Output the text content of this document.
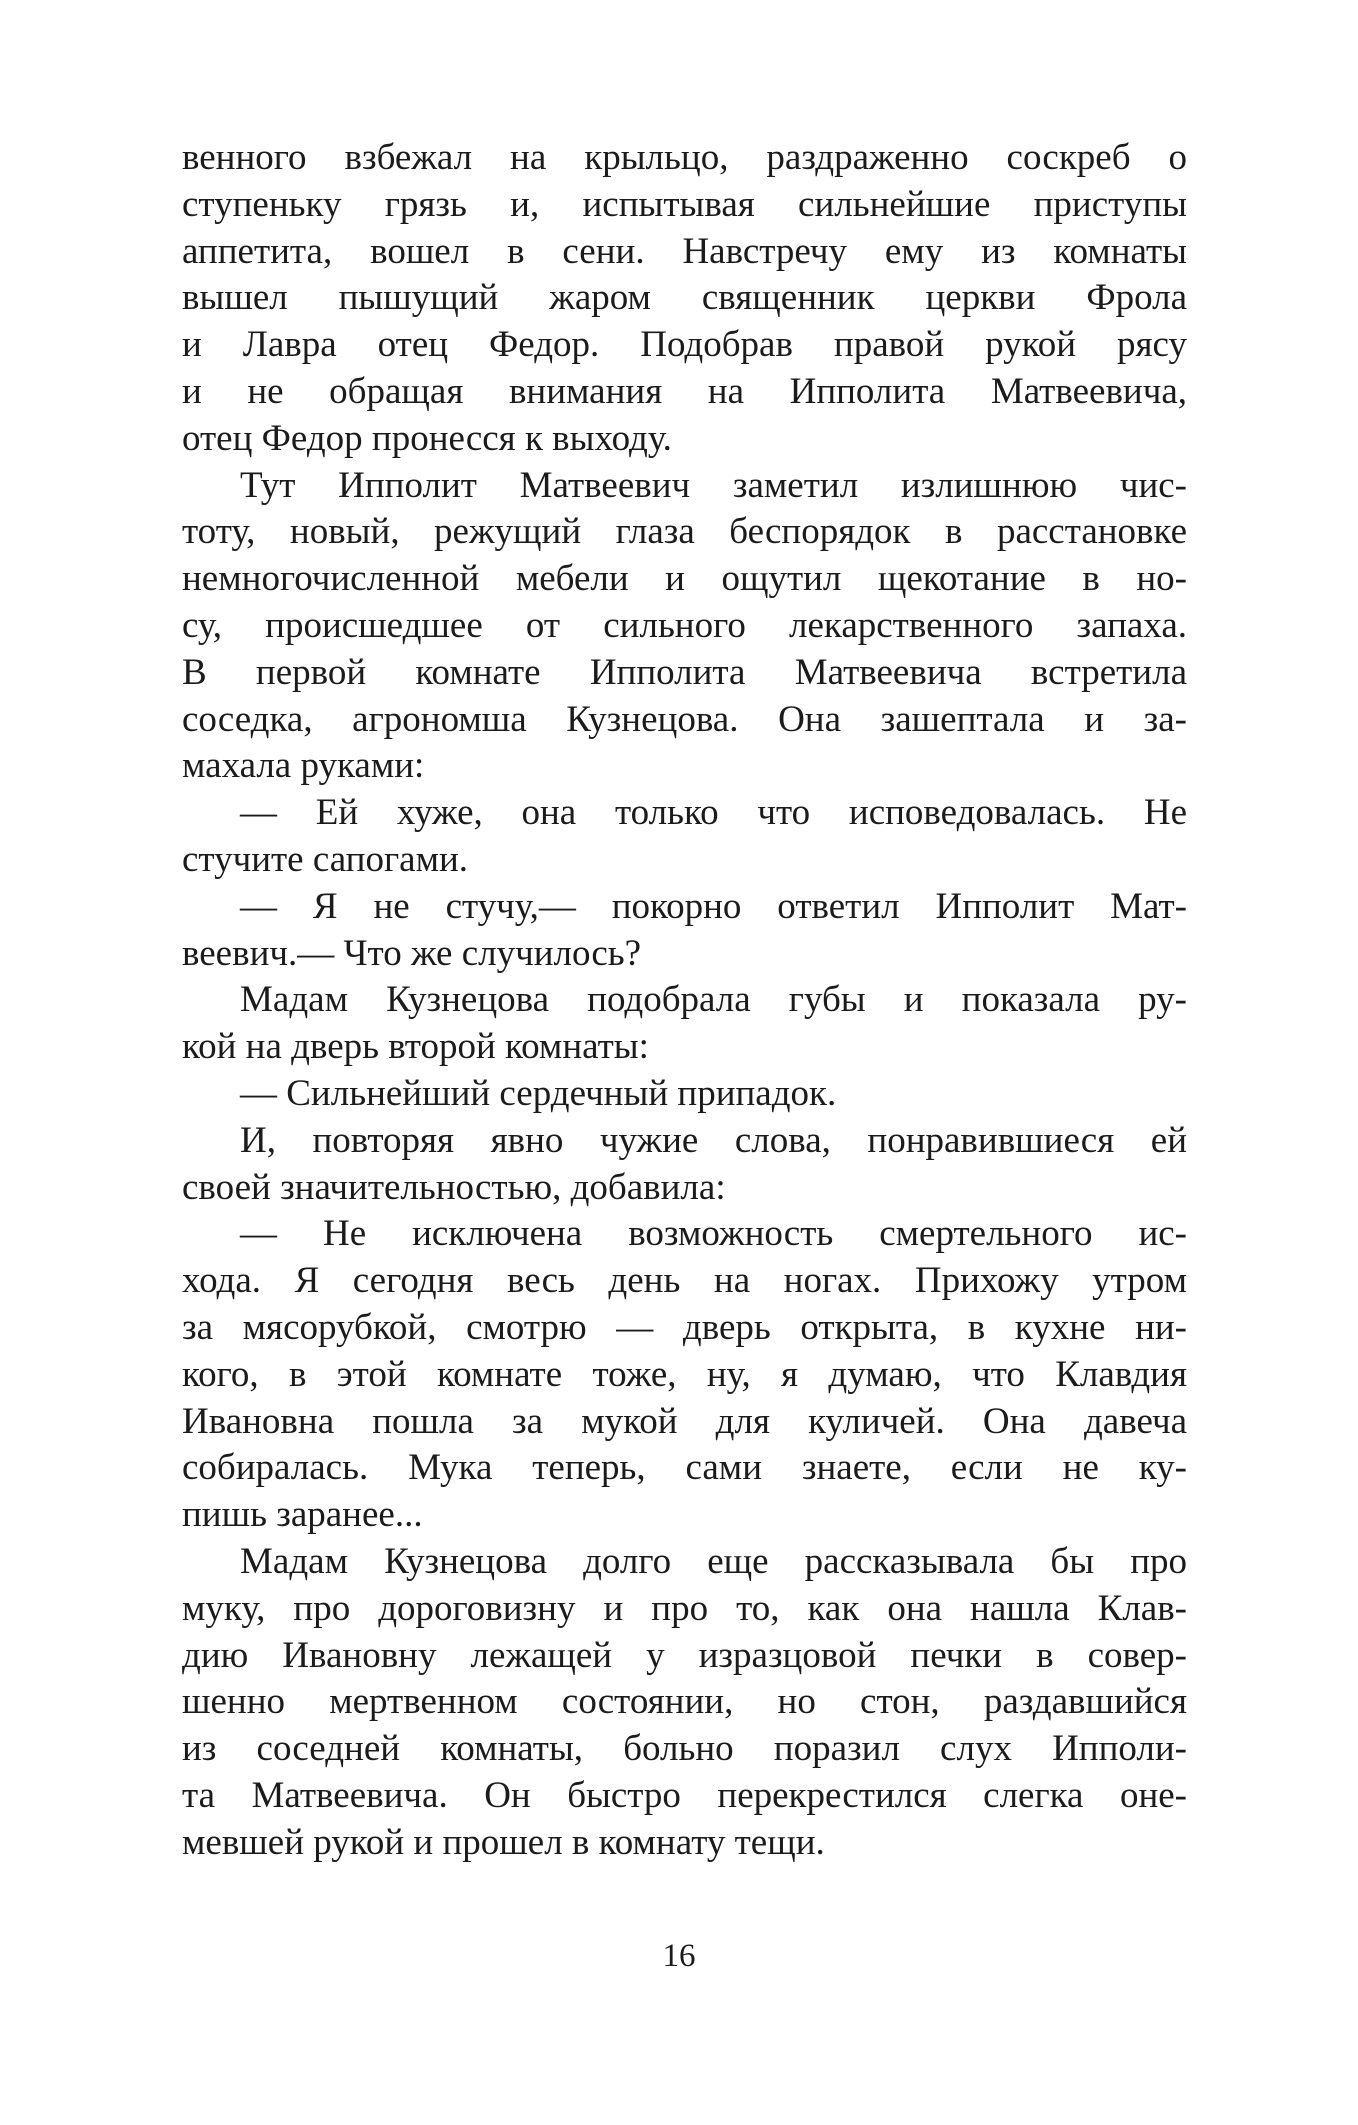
венного взбежал на крыльцо, раздраженно соскреб о
ступеньку грязь и, испытывая сильнейшие приступы
аппетита, вошел в сени. Навстречу ему из комнаты
вышел пышущий жаром священник церкви Фрола
и Лавра отец Федор. Подобрав правой рукой рясу
и не обращая внимания на Ипполита Матвеевича,
отец Федор пронесся к выходу.
Тут Ипполит Матвеевич заметил излишнюю чис-
тоту, новый, режущий глаза беспорядок в расстановке
немногочисленной мебели и ощутил щекотание в но-
су, происшедшее от сильного лекарственного запаха.
В первой комнате Ипполита Матвеевича встретила
соседка, агрономша Кузнецова. Она зашептала и за-
махала руками:
— Ей хуже, она только что исповедовалась. Не
стучите сапогами.
— Я не стучу,— покорно ответил Ипполит Мат-
веевич.— Что же случилось?
Мадам Кузнецова подобрала губы и показала ру-
кой на дверь второй комнаты:
— Сильнейший сердечный припадок.
И, повторяя явно чужие слова, понравившиеся ей
своей значительностью, добавила:
— Не исключена возможность смертельного ис-
хода. Я сегодня весь день на ногах. Прихожу утром
за мясорубкой, смотрю — дверь открыта, в кухне ни-
кого, в этой комнате тоже, ну, я думаю, что Клавдия
Ивановна пошла за мукой для куличей. Она давеча
собиралась. Мука теперь, сами знаете, если не ку-
пишь заранее...
Мадам Кузнецова долго еще рассказывала бы про
муку, про дороговизну и про то, как она нашла Клав-
дию Ивановну лежащей у изразцовой печки в совер-
шенно мертвенном состоянии, но стон, раздавшийся
из соседней комнаты, больно поразил слух Ипполи-
та Матвеевича. Он быстро перекрестился слегка оне-
мевшей рукой и прошел в комнату тещи.
16
